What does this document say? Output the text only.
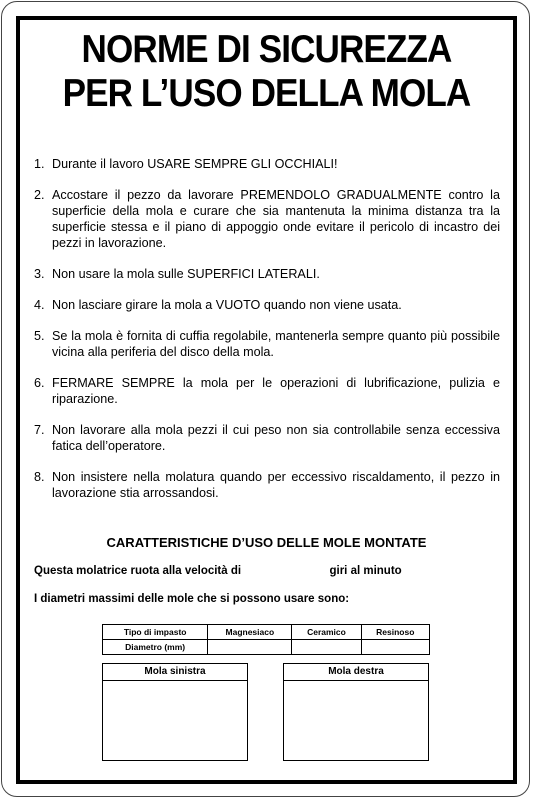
NORME DI SICUREZZA
PER L’USO DELLA MOLA
1. Durante il lavoro USARE SEMPRE GLI OCCHIALI!
2. Accostare il pezzo da lavorare PREMENDOLO GRADUALMENTE contro la superficie della mola e curare che sia mantenuta la minima distanza tra la superficie stessa e il piano di appoggio onde evitare il pericolo di incastro dei pezzi in lavorazione.
3. Non usare la mola sulle SUPERFICI LATERALI.
4. Non lasciare girare la mola a VUOTO quando non viene usata.
5. Se la mola è fornita di cuffia regolabile, mantenerla sempre quanto più possibile vicina alla periferia del disco della mola.
6. FERMARE SEMPRE la mola per le operazioni di lubrificazione, pulizia e riparazione.
7. Non lavorare alla mola pezzi il cui peso non sia controllabile senza eccessiva fatica dell’operatore.
8. Non insistere nella molatura quando per eccessivo riscaldamento, il pezzo in lavorazione stia arrossandosi.
CARATTERISTICHE D’USO DELLE MOLE MONTATE
Questa molatrice ruota alla velocità di	giri al minuto
I diametri massimi delle mole che si possono usare sono:
Tipo di impasto	Magnesiaco	Ceramico	Resinoso
Diametro (mm)			
Mola sinistra	Mola destra
